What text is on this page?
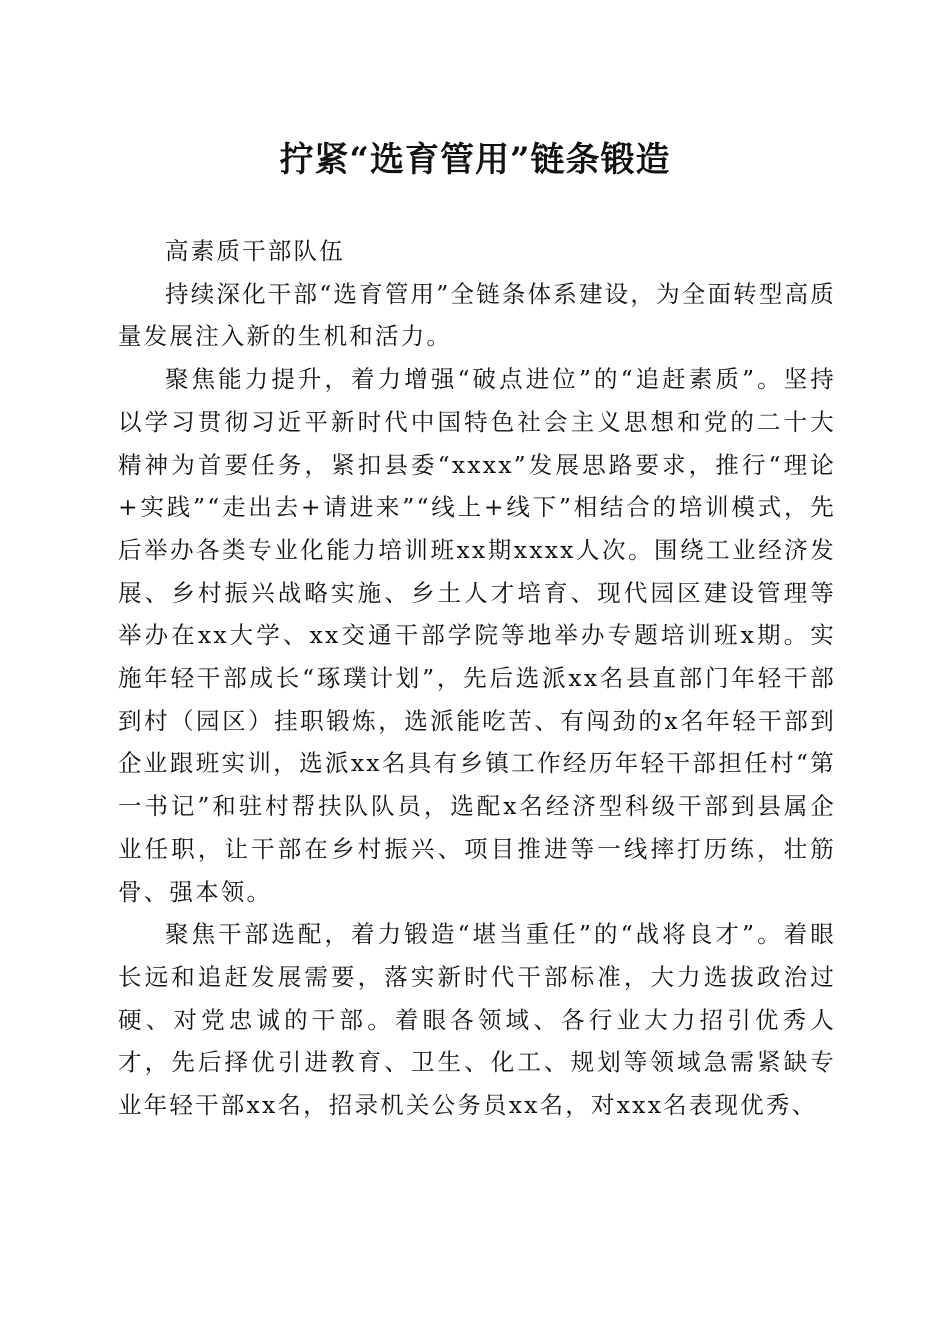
拧紧“选育管用”链条锻造

高素质干部队伍

持续深化干部“选育管用”全链条体系建设，为全面转型高质量发展注入新的生机和活力。

聚焦能力提升，着力增强“破点进位”的“追赶素质”。坚持以学习贯彻习近平新时代中国特色社会主义思想和党的二十大精神为首要任务，紧扣县委“xxxx”发展思路要求，推行“理论+实践”“走出去+请进来”“线上+线下”相结合的培训模式，先后举办各类专业化能力培训班xx期xxxx人次。围绕工业经济发展、乡村振兴战略实施、乡土人才培育、现代园区建设管理等举办在xx大学、xx交通干部学院等地举办专题培训班x期。实施年轻干部成长“琢璞计划”，先后选派xx名县直部门年轻干部到村（园区）挂职锻炼，选派能吃苦、有闯劲的x名年轻干部到企业跟班实训，选派xx名具有乡镇工作经历年轻干部担任村“第一书记”和驻村帮扶队队员，选配x名经济型科级干部到县属企业任职，让干部在乡村振兴、项目推进等一线摔打历练，壮筋骨、强本领。

聚焦干部选配，着力锻造“堪当重任”的“战将良才”。着眼长远和追赶发展需要，落实新时代干部标准，大力选拔政治过硬、对党忠诚的干部。着眼各领域、各行业大力招引优秀人才，先后择优引进教育、卫生、化工、规划等领域急需紧缺专业年轻干部xx名，招录机关公务员xx名，对xxx名表现优秀、
